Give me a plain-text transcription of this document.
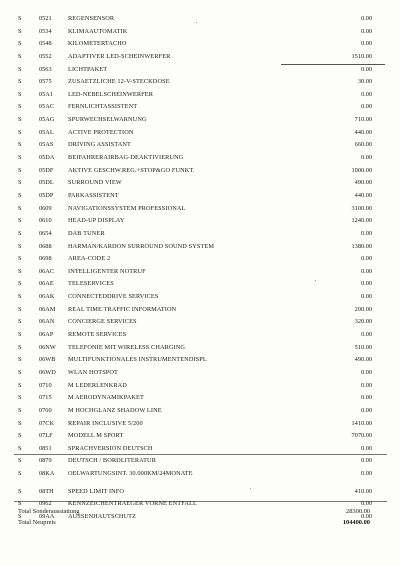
S	0521	REGENSENSOR	0.00
S	0534	KLIMAAUTOMATIK	0.00
S	0548	KILOMETERTACHO	0.00
S	0552	ADAPTIVER LED-SCHEINWERFER	1510.00
S	0563	LICHTPAKET	0.00
S	0575	ZUSAETZLICHE 12-V-STECKDOSE	30.00
S	05A1 LED-NEBELSCHEINWERFER	0.00
S	05AC FERNLICHTASSISTENT	0.00
S	05AG SPURWECHSELWARNUNG	710.00
S	05AL ACTIVE PROTECTION	440.00
S	05AS DRIVING ASSISTANT	660.00
S	05DA BEIFAHRERAIRBAG-DEAKTIVIERUNG	0.00
S	05DF AKTIVE GESCHW.REG.+STOP&GO FUNKT.	1000.00
S	05DL SURROUND VIEW	490.00
S	05DP PARKASSISTENT	440.00
S	0609	NAVIGATIONSSYSTEM PROFESSIONAL	3100.00
S	0610	HEAD-UP DISPLAY	1240.00
S	0654	DAB TUNER	0.00
S	0688	HARMAN/KARDON SURROUND SOUND SYSTEM	1380.00
S	0698	AREA-CODE 2	0.00
S	06AC INTELLIGENTER NOTRUF	0.00
S	06AE TELESERVICES	0.00
S	06AK CONNECTEDDRIVE SERVICES	0.00
S	06AM REAL TIME TRAFFIC INFORMATION	200.00
S	06AN CONCIERGE SERVICES	320.00
S	06AP REMOTE SERVICES	0.00
S	06NW TELEFONIE MIT WIRELESS CHARGING	510.00
S	06WB MULTIFUNKTIONALES INSTRUMENTENDISPL	490.00
S	06WD WLAN HOTSPOT	0.00
S	0710	M LEDERLENKRAD	0.00
S	0715	M AERODYNAMIKPAKET	0.00
S	0760	M HOCHGLANZ SHADOW LINE	0.00
S	07CK REPAIR INCLUSIVE 5/200	1410.00
S	07LF MODELL M SPORT	7070.00
S	0851	SPRACHVERSION DEUTSCH	0.00
S	0879	DEUTSCH / BORDLITERATUR	0.00
S	08KA OELWARTUNGSINT. 30.000KM/24MONATE	0.00
S	08TH SPEED LIMIT INFO	410.00
S	0962	KENNZEICHENTRAEGER VORNE ENTFALL	0.00
S	09AA AUSSENHAUTSCHUTZ	0.00
Total Sonderausstattung	28300.00
Total Neupreis	104400.00
